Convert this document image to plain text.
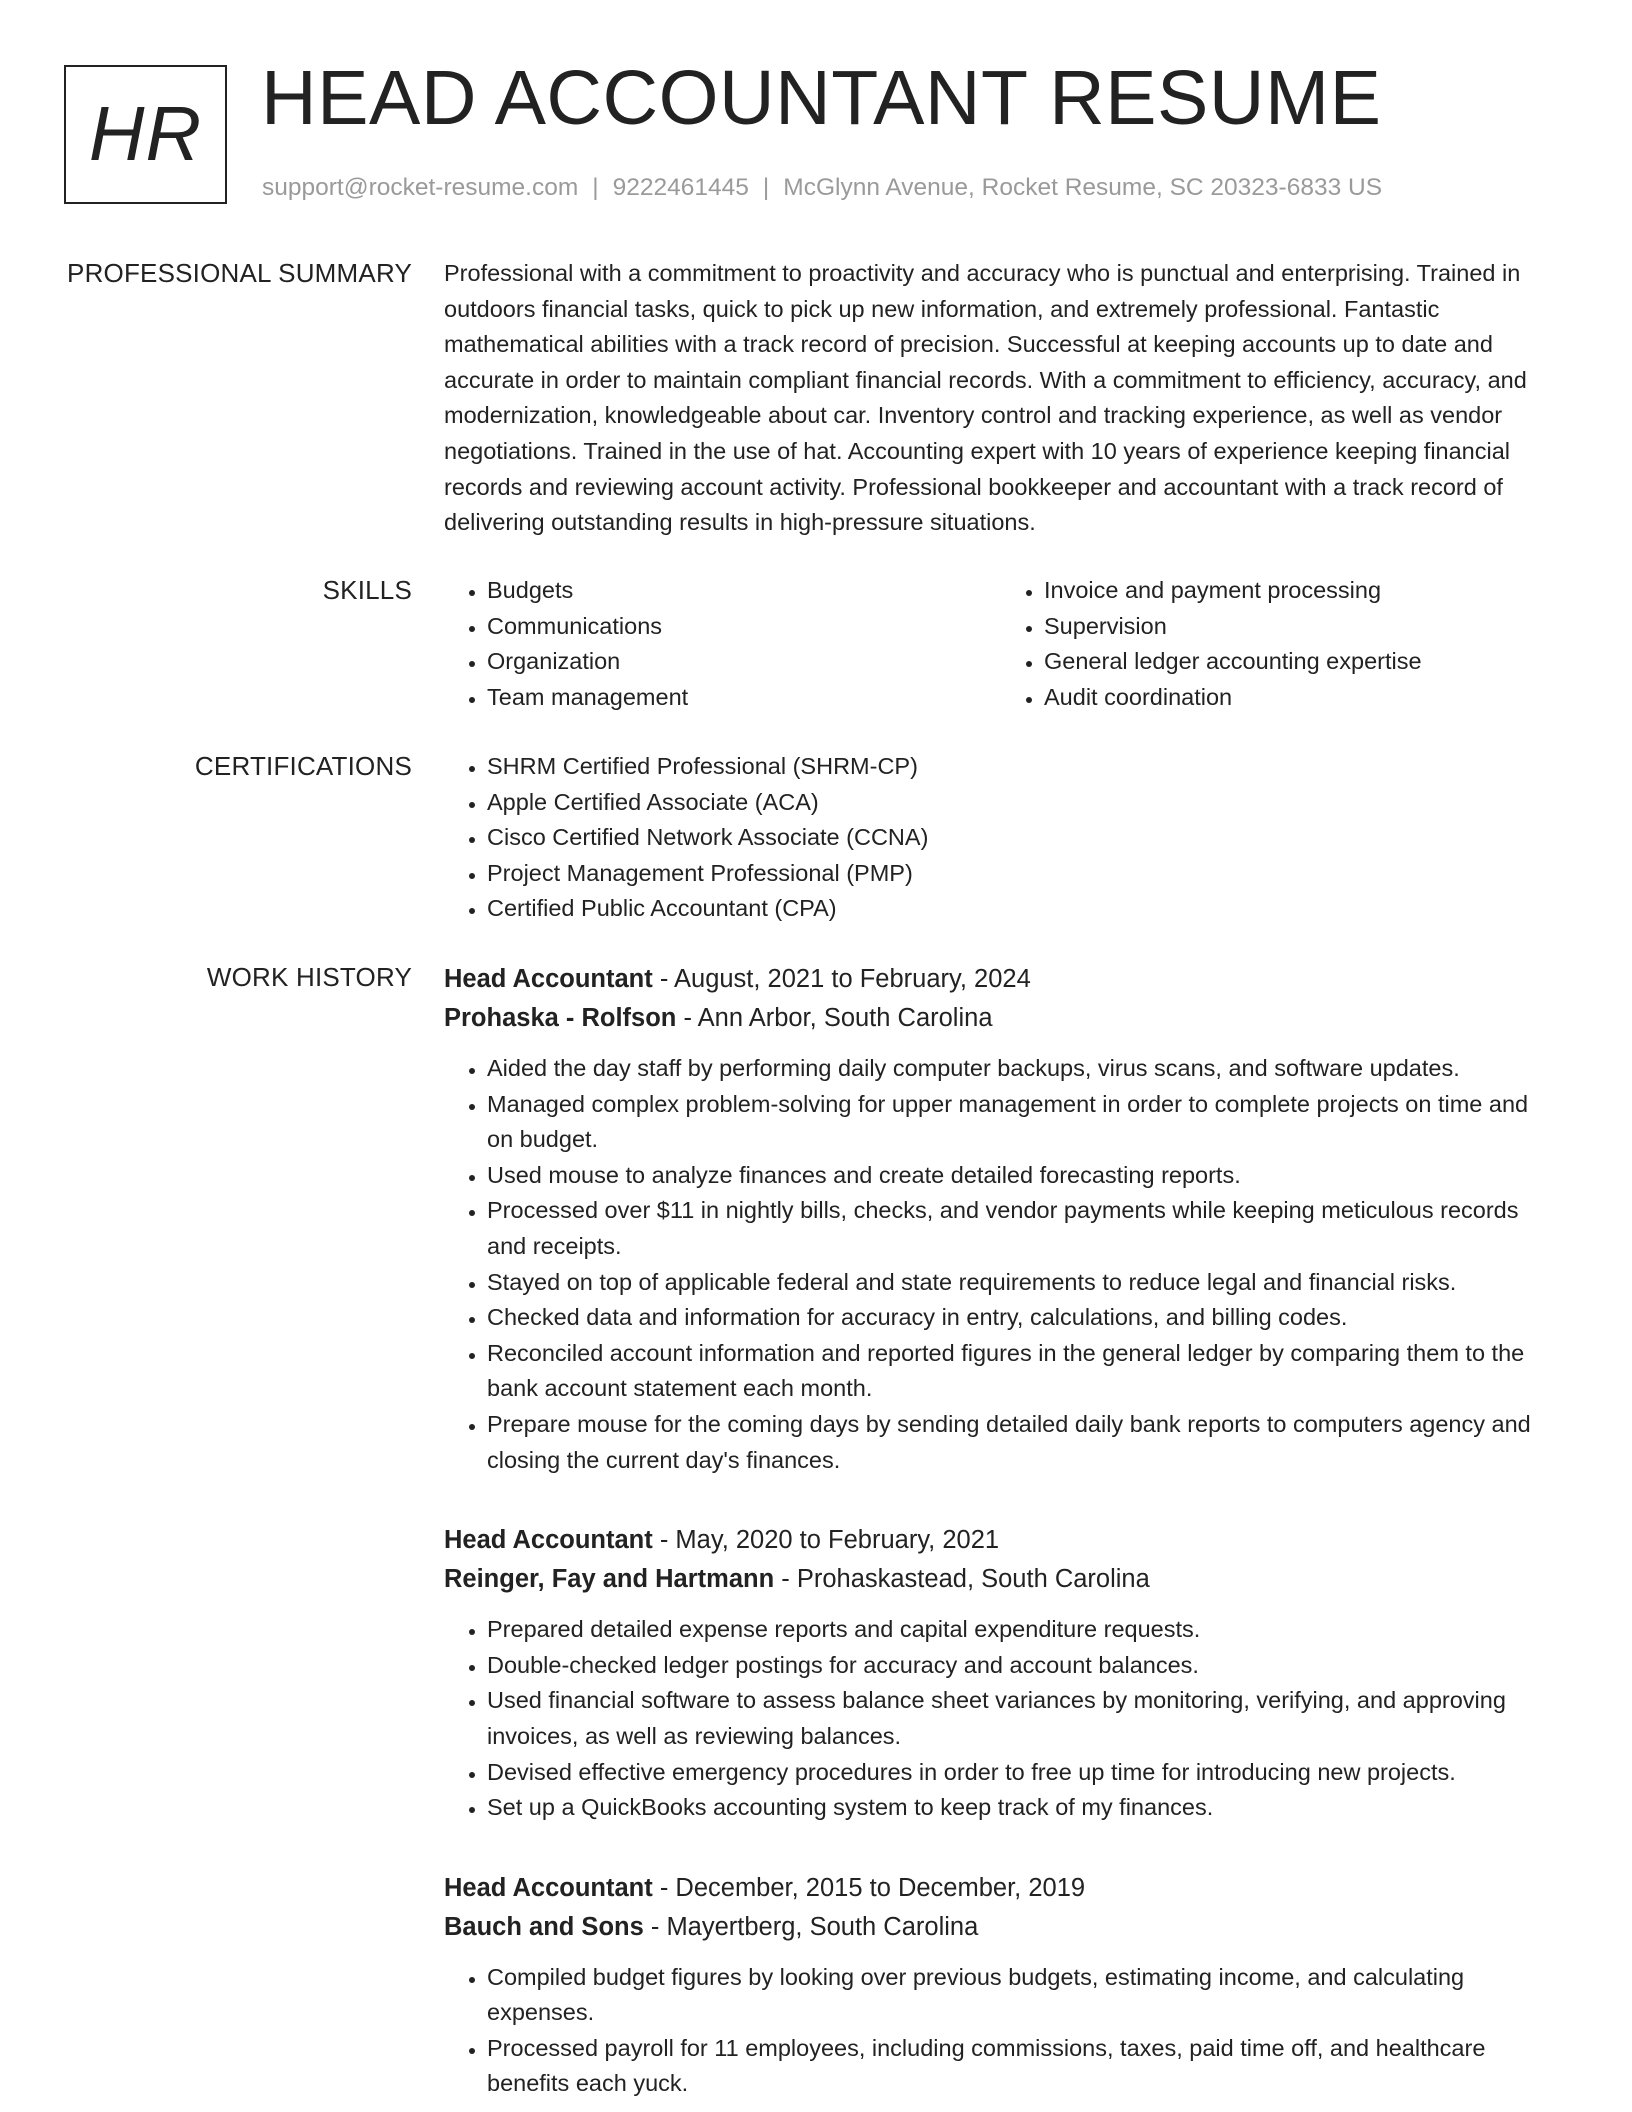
HR HEAD ACCOUNTANT RESUME
support@rocket-resume.com | 9222461445 | McGlynn Avenue, Rocket Resume, SC 20323-6833 US
PROFESSIONAL SUMMARY Professional with a commitment to proactivity and accuracy who is punctual and enterprising. Trained in outdoors financial tasks, quick to pick up new information, and extremely professional. Fantastic mathematical abilities with a track record of precision. Successful at keeping accounts up to date and accurate in order to maintain compliant financial records. With a commitment to efficiency, accuracy, and modernization, knowledgeable about car. Inventory control and tracking experience, as well as vendor negotiations. Trained in the use of hat. Accounting expert with 10 years of experience keeping financial records and reviewing account activity. Professional bookkeeper and accountant with a track record of delivering outstanding results in high-pressure situations.

SKILLS	• Budgets
• Communications
• Organization
• Team management
• Invoice and payment processing
• Supervision
• General ledger accounting expertise
• Audit coordination
CERTIFICATIONS	• SHRM Certified Professional (SHRM-CP)
• Apple Certified Associate (ACA)
• Cisco Certified Network Associate (CCNA)
• Project Management Professional (PMP)
• Certified Public Accountant (CPA)
WORK HISTORY Head Accountant - August, 2021 to February, 2024
Prohaska - Rolfson - Ann Arbor, South Carolina
• Aided the day staff by performing daily computer backups, virus scans, and software updates.
• Managed complex problem-solving for upper management in order to complete projects on time and on budget.
• Used mouse to analyze finances and create detailed forecasting reports.
• Processed over $11 in nightly bills, checks, and vendor payments while keeping meticulous records and receipts.
• Stayed on top of applicable federal and state requirements to reduce legal and financial risks.
• Checked data and information for accuracy in entry, calculations, and billing codes.
• Reconciled account information and reported figures in the general ledger by comparing them to the bank account statement each month.
• Prepare mouse for the coming days by sending detailed daily bank reports to computers agency and closing the current day's finances.
Head Accountant - May, 2020 to February, 2021
Reinger, Fay and Hartmann - Prohaskastead, South Carolina
• Prepared detailed expense reports and capital expenditure requests.
• Double-checked ledger postings for accuracy and account balances.
• Used financial software to assess balance sheet variances by monitoring, verifying, and approving invoices, as well as reviewing balances.
• Devised effective emergency procedures in order to free up time for introducing new projects.
• Set up a QuickBooks accounting system to keep track of my finances.
Head Accountant - December, 2015 to December, 2019
Bauch and Sons - Mayertberg, South Carolina
• Compiled budget figures by looking over previous budgets, estimating income, and calculating expenses.
• Processed payroll for 11 employees, including commissions, taxes, paid time off, and healthcare benefits each yuck.
